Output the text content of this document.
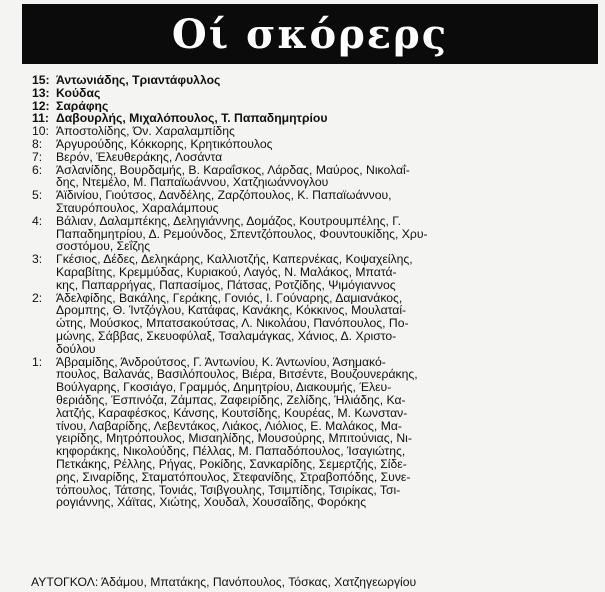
Οί σκόρερς
15: Άντωνιάδης, Τριαντάφυλλος
13: Κούδας
12: Σαράφης
11: Δαβουρλής, Μιχαλόπουλος, Τ. Παπαδημητρίου
10: Άποστολίδης, Όν. Χαραλαμπίδης
8:	Άργυρούδης, Κόκκορης, Κρητικόπουλος
7:	Βερόν, Έλευθεράκης, Λοσάντα
6:	Άσλανίδης, Βουρδαμής, Β. Καραΐσκος, Λάρδας, Μαύρος, Νικολαΐ-
δης, Ντεμέλο, Μ. Παπαϊωάννου, Χατζηιωάννογλου
5:	Άϊδινίου, Γιούτσος, Δανδέλης, Ζαρζόπουλος, Κ. Παπαϊωάννου,
Σταυρόπουλος, Χαραλάμπους
4:	Βάλιαν, Δαλαμπέκης, Δεληγιάννης, Δομάζος, Κουτρουμπέλης, Γ.
Παπαδημητρίου, Δ. Ρεμούνδος, Σπεντζόπουλος, Φουντουκίδης, Χρυ-
σοστόμου, Σεΐζης
3:	Γκέσιος, Δέδες, Δεληκάρης, Καλλιοτζής, Καπερνέκας, Κοψαχείλης,
Καραβίτης, Κρεμμύδας, Κυριακού, Λαγός, Ν. Μαλάκος, Μπατά-
κης, Παπαρρήγας, Παπασίμος, Πάτσας, Ροτζίδης, Ψιμόγιαννος
2:	Άδελφίδης, Βακάλης, Γεράκης, Γονιός, Ι. Γούναρης, Δαμιανάκος,
Δρομπης, Θ. Ίντζόγλου, Κατάφας, Κανάκης, Κόκκινος, Μουλαταί-
ώτης, Μούσκος, Μπατσακούτσας, Λ. Νικολάου, Πανόπουλος, Πο-
μώνης, Σάββας, Σκευοφύλαξ, Τσαλαμάγκας, Χάνιος, Δ. Χριστο-
δούλου
1:	Άβραμίδης, Άνδρούτσος, Γ. Άντωνίου, Κ. Άντωνίου, Άσημακό-
πουλος, Βαλανάς, Βασιλόπουλος, Βιέρα, Βιτσέντε, Βουζουνεράκης,
Βούλγαρης, Γκοσιάγο, Γραμμός, Δημητρίου, Διακουμής, Έλευ-
θεριάδης, Έσπινόζα, Ζάμπας, Ζαφειρίδης, Ζελίδης, Ήλιάδης, Κα-
λατζής, Καραφέσκος, Κάνσης, Κουτσίδης, Κουρέας, Μ. Κωνσταν-
τίνου, Λαβαρίδης, Λεβεντάκος, Λιάκος, Λιόλιος, Ε. Μαλάκος, Μα-
γειρίδης, Μητρόπουλος, Μισαηλίδης, Μουσούρης, Μπιτούνιας, Νι-
κηφοράκης, Νικολούδης, Πέλλας, Μ. Παπαδόπουλος, Ίσαγιώτης,
Πετκάκης, Ρέλλης, Ρήγας, Ροκίδης, Σανκαρίδης, Σεμερτζής, Σίδε-
ρης, Σιναρίδης, Σταματόπουλος, Στεφανίδης, Στραβοπόδης, Συνε-
τόπουλος, Τάτσης, Τονιάς, Τσιβγουλης, Τσιμπίδης, Τσιρίκας, Τσι-
ρογιάννης, Χάϊτας, Χιώτης, Χουδαλ, Χουσαΐδης, Φορόκης
ΑΥΤΟΓΚΟΛ: Άδάμου, Μπατάκης, Πανόπουλος, Τόσκας, Χατζηγεωργίου
